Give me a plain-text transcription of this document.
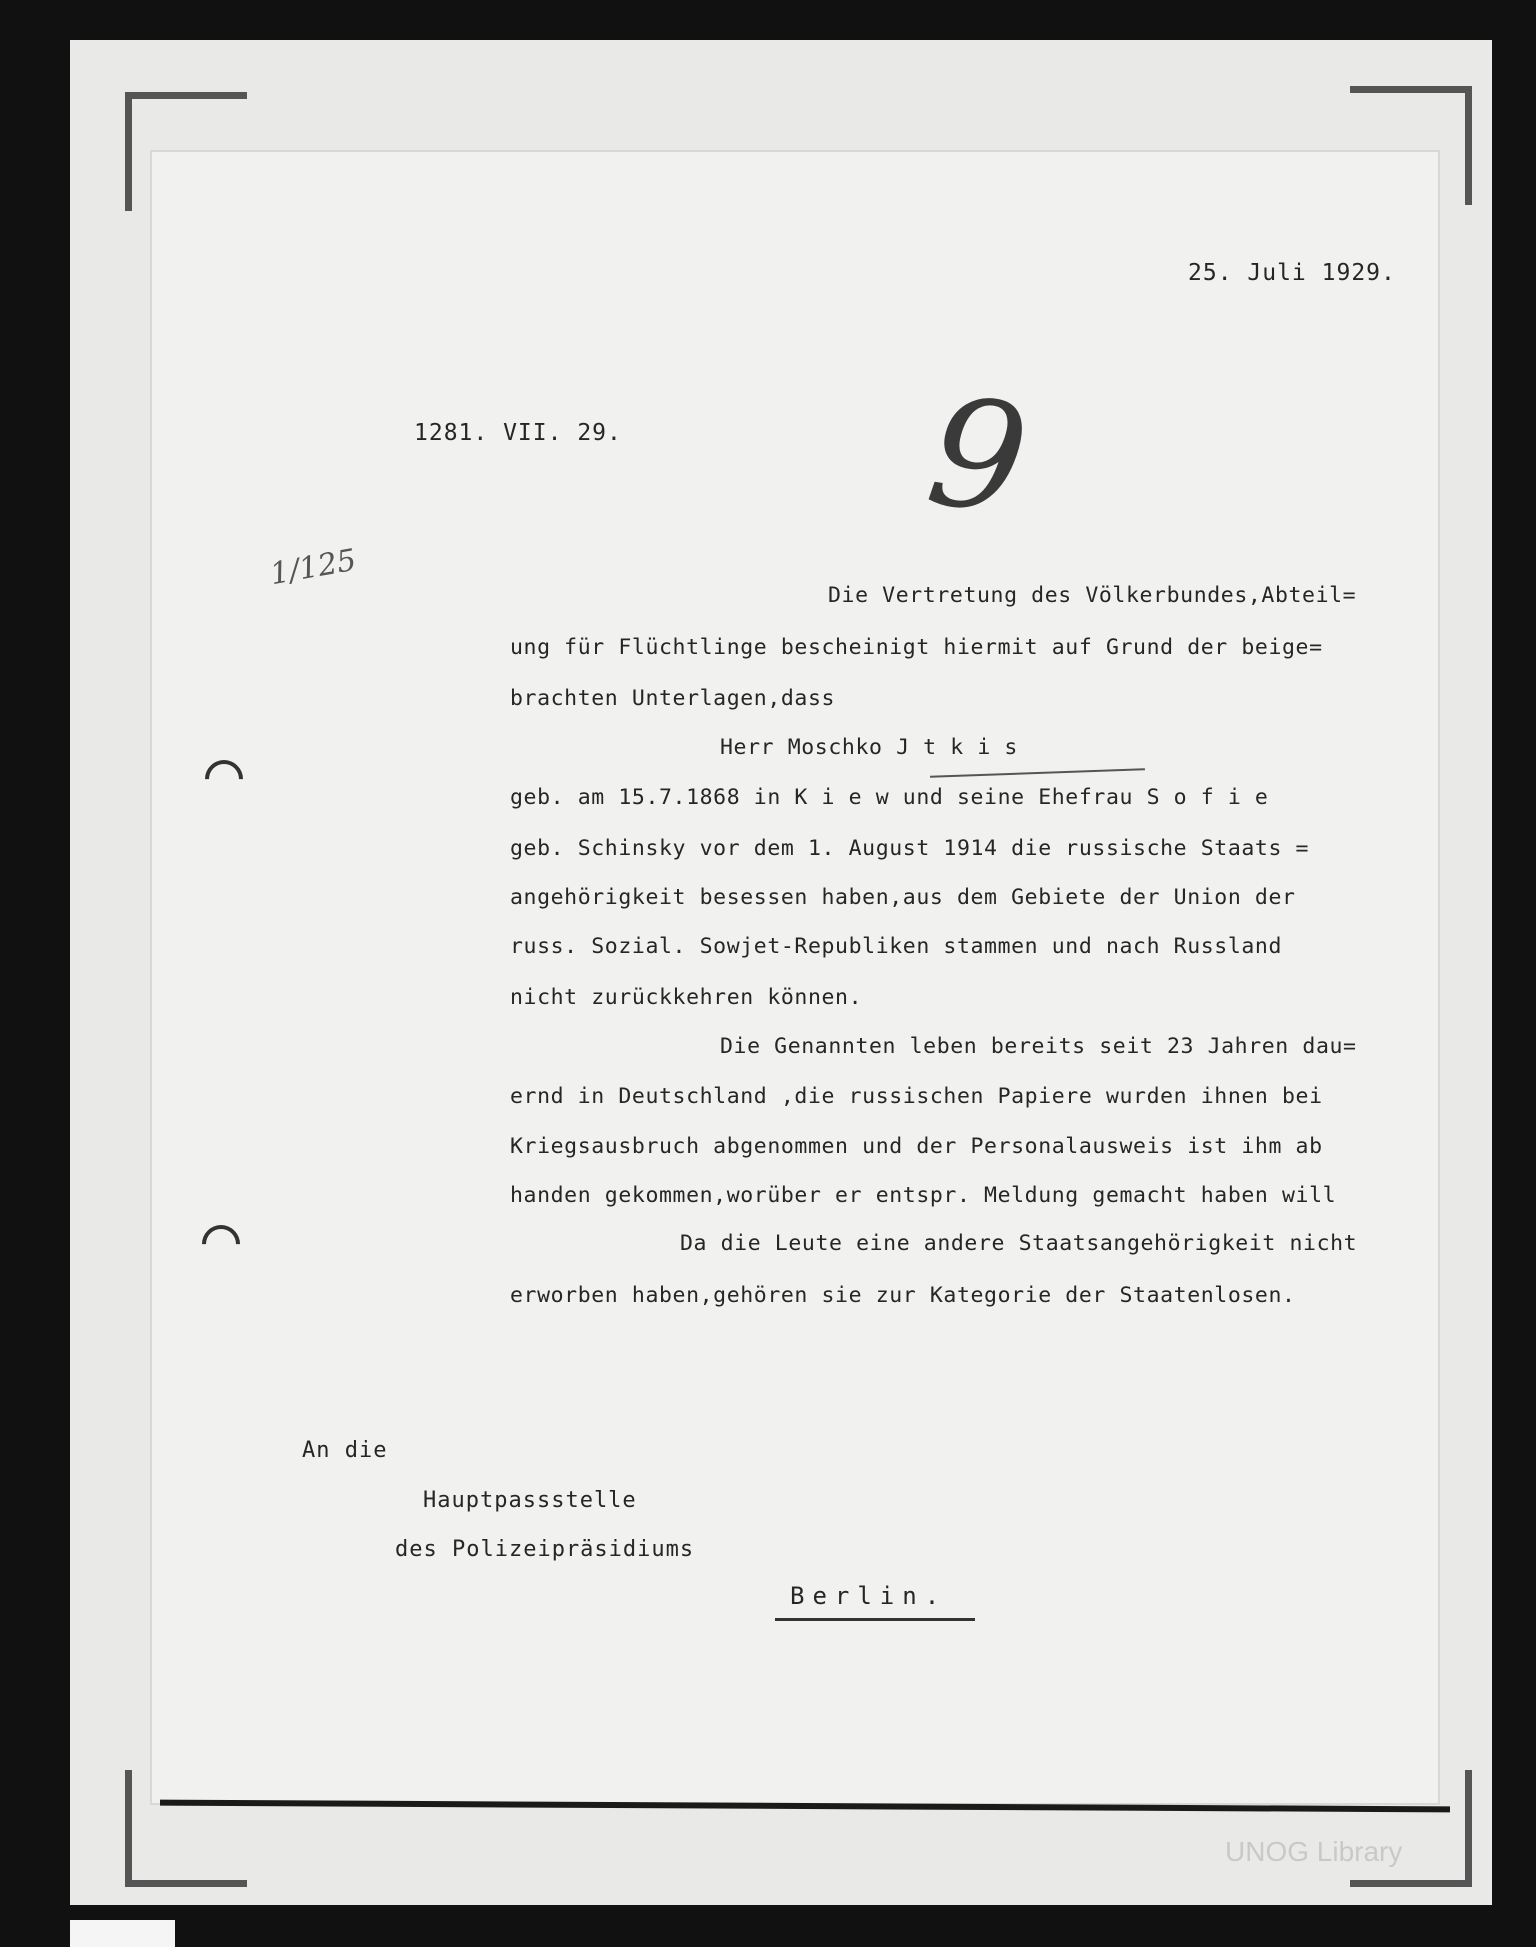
25. Juli 1929.
1281. VII. 29. 9
1/125
Die Vertretung des Völkerbundes,Abteil=
ung für Flüchtlinge bescheinigt hiermit auf Grund der beige=
brachten Unterlagen,dass
Herr Moschko J t k i s
geb. am 15.7.1868 in K i e w und seine Ehefrau S o f i e
geb. Schinsky vor dem 1. August 1914 die russische Staats =
angehörigkeit besessen haben,aus dem Gebiete der Union der
russ. Sozial. Sowjet-Republiken stammen und nach Russland
nicht zurückkehren können.
Die Genannten leben bereits seit 23 Jahren dau=
ernd in Deutschland ,die russischen Papiere wurden ihnen bei
Kriegsausbruch abgenommen und der Personalausweis ist ihm ab
handen gekommen,worüber er entspr. Meldung gemacht haben will
Da die Leute eine andere Staatsangehörigkeit nicht
erworben haben,gehören sie zur Kategorie der Staatenlosen.
An die
Hauptpassstelle
des Polizeipräsidiums
Berlin.
UNOG Library
